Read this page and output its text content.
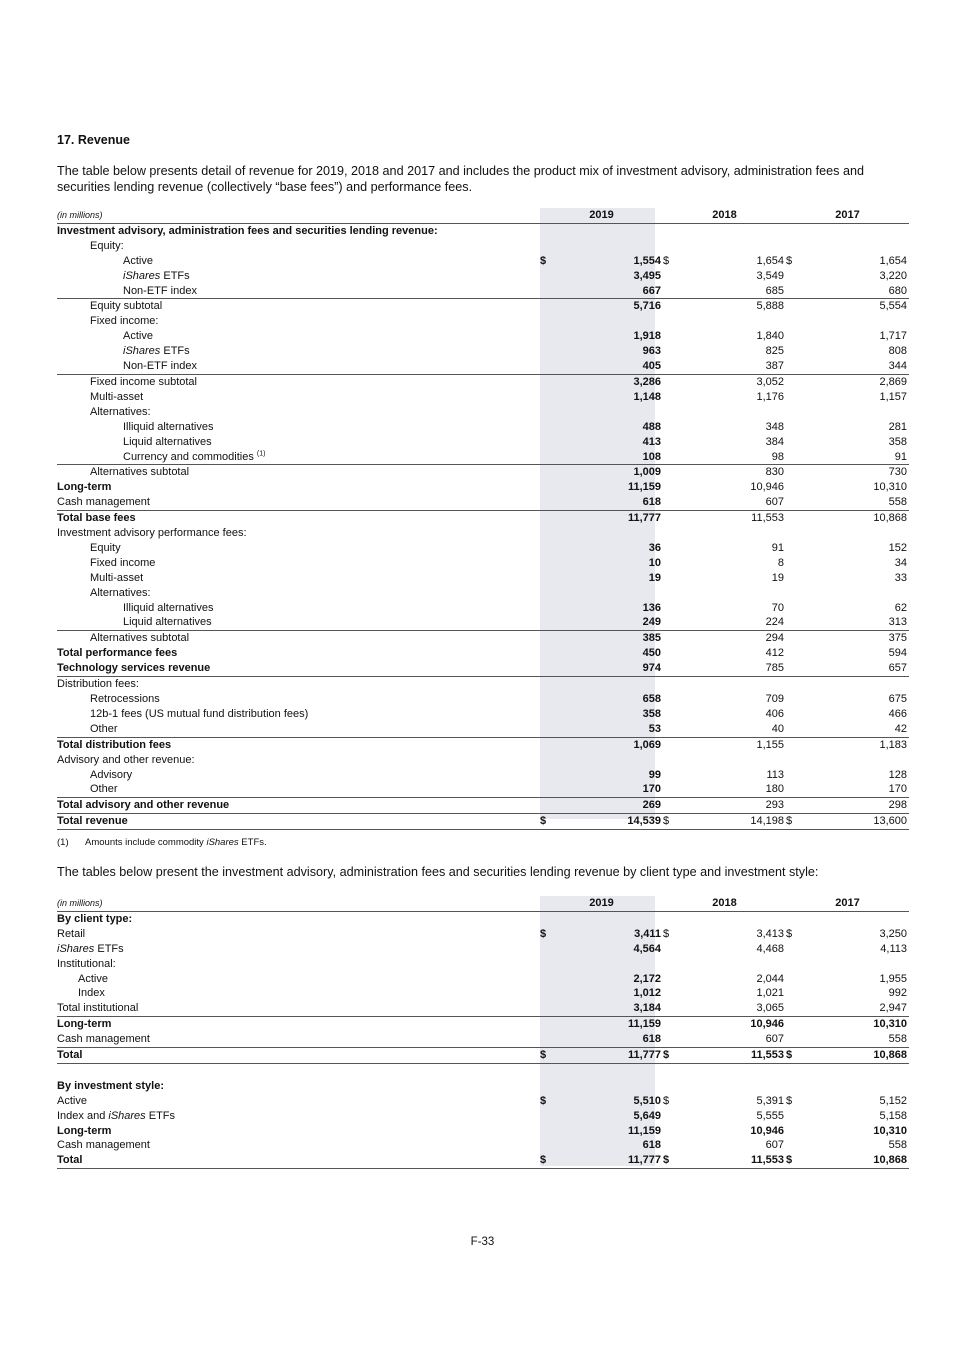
17. Revenue
The table below presents detail of revenue for 2019, 2018 and 2017 and includes the product mix of investment advisory, administration fees and securities lending revenue (collectively “base fees”) and performance fees.
(in millions)	2019		2018		2017	
Investment advisory, administration fees and securities lending revenue:						
Equity:						
Active	$	1,554	$	1,654	$	1,654
iShares ETFs		3,495		3,549		3,220
Non-ETF index		667		685		680
Equity subtotal		5,716		5,888		5,554
Fixed income:						
Active		1,918		1,840		1,717
iShares ETFs		963		825		808
Non-ETF index		405		387		344
Fixed income subtotal		3,286		3,052		2,869
Multi-asset		1,148		1,176		1,157
Alternatives:						
Illiquid alternatives		488		348		281
Liquid alternatives		413		384		358
Currency and commodities $^{(1)}$		108		98		91
Alternatives subtotal		1,009		830		730
Long-term		11,159		10,946		10,310
Cash management		618		607		558
Total base fees		11,777		11,553		10,868
Investment advisory performance fees:						
Equity		36		91		152
Fixed income		10		8		34
Multi-asset		19		19		33
Alternatives:						
Illiquid alternatives		136		70		62
Liquid alternatives		249		224		313
Alternatives subtotal		385		294		375
Total performance fees		450		412		594
Technology services revenue		974		785		657
Distribution fees:						
Retrocessions		658		709		675
12b-1 fees (US mutual fund distribution fees)		358		406		466
Other		53		40		42
Total distribution fees		1,069		1,155		1,183
Advisory and other revenue:						
Advisory		99		113		128
Other		170		180		170
Total advisory and other revenue		269		293		298
Total revenue	$	14,539	$	14,198	$	13,600
(1) Amounts include commodity iShares ETFs.
The tables below present the investment advisory, administration fees and securities lending revenue by client type and investment style:
(in millions)	2019		2018		2017	
By client type:						
Retail	$	3,411	$	3,413	$	3,250
iShares ETFs		4,564		4,468		4,113
Institutional:						
Active		2,172		2,044		1,955
Index		1,012		1,021		992
Total institutional		3,184		3,065		2,947
Long-term		11,159		10,946		10,310
Cash management		618		607		558
Total	$	11,777	$	11,553	$	10,868

By investment style:						
Active	$	5,510	$	5,391	$	5,152
Index and iShares ETFs		5,649		5,555		5,158
Long-term		11,159		10,946		10,310
Cash management		618		607		558
Total	$	11,777	$	11,553	$	10,868
F-33
